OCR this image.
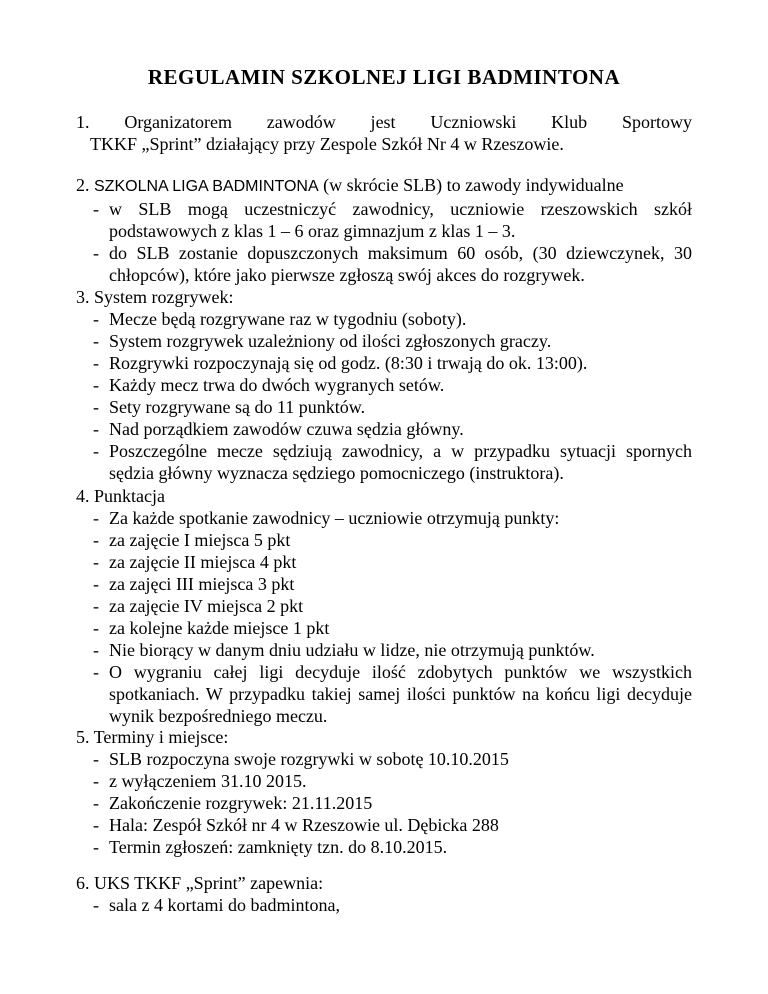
REGULAMIN SZKOLNEJ LIGI BADMINTONA
1. Organizatorem zawodów jest Uczniowski Klub Sportowy
TKKF „Sprint” działający przy Zespole Szkół Nr 4 w Rzeszowie.
2. SZKOLNA LIGA BADMINTONA (w skrócie SLB) to zawody indywidualne
- w SLB mogą uczestniczyć zawodnicy, uczniowie rzeszowskich szkół podstawowych z klas 1 – 6 oraz gimnazjum z klas 1 – 3.
- do SLB zostanie dopuszczonych maksimum 60 osób, (30 dziewczynek, 30 chłopców), które jako pierwsze zgłoszą swój akces do rozgrywek.
3. System rozgrywek:
- Mecze będą rozgrywane raz w tygodniu (soboty).
- System rozgrywek uzależniony od ilości zgłoszonych graczy.
- Rozgrywki rozpoczynają się od godz. (8:30 i trwają do ok. 13:00).
- Każdy mecz trwa do dwóch wygranych setów.
- Sety rozgrywane są do 11 punktów.
- Nad porządkiem zawodów czuwa sędzia główny.
- Poszczególne mecze sędziują zawodnicy, a w przypadku sytuacji spornych sędzia główny wyznacza sędziego pomocniczego (instruktora).
4. Punktacja
- Za każde spotkanie zawodnicy – uczniowie otrzymują punkty:
- za zajęcie I miejsca 5 pkt
- za zajęcie II miejsca 4 pkt
- za zajęci III miejsca 3 pkt
- za zajęcie IV miejsca 2 pkt
- za kolejne każde miejsce 1 pkt
- Nie biorący w danym dniu udziału w lidze, nie otrzymują punktów.
- O wygraniu całej ligi decyduje ilość zdobytych punktów we wszystkich spotkaniach. W przypadku takiej samej ilości punktów na końcu ligi decyduje wynik bezpośredniego meczu.
5. Terminy i miejsce:
- SLB rozpoczyna swoje rozgrywki w sobotę 10.10.2015
- z wyłączeniem 31.10 2015.
- Zakończenie rozgrywek: 21.11.2015
- Hala: Zespół Szkół nr 4 w Rzeszowie ul. Dębicka 288
- Termin zgłoszeń: zamknięty tzn. do 8.10.2015.
6. UKS TKKF „Sprint” zapewnia:
- sala z 4 kortami do badmintona,
